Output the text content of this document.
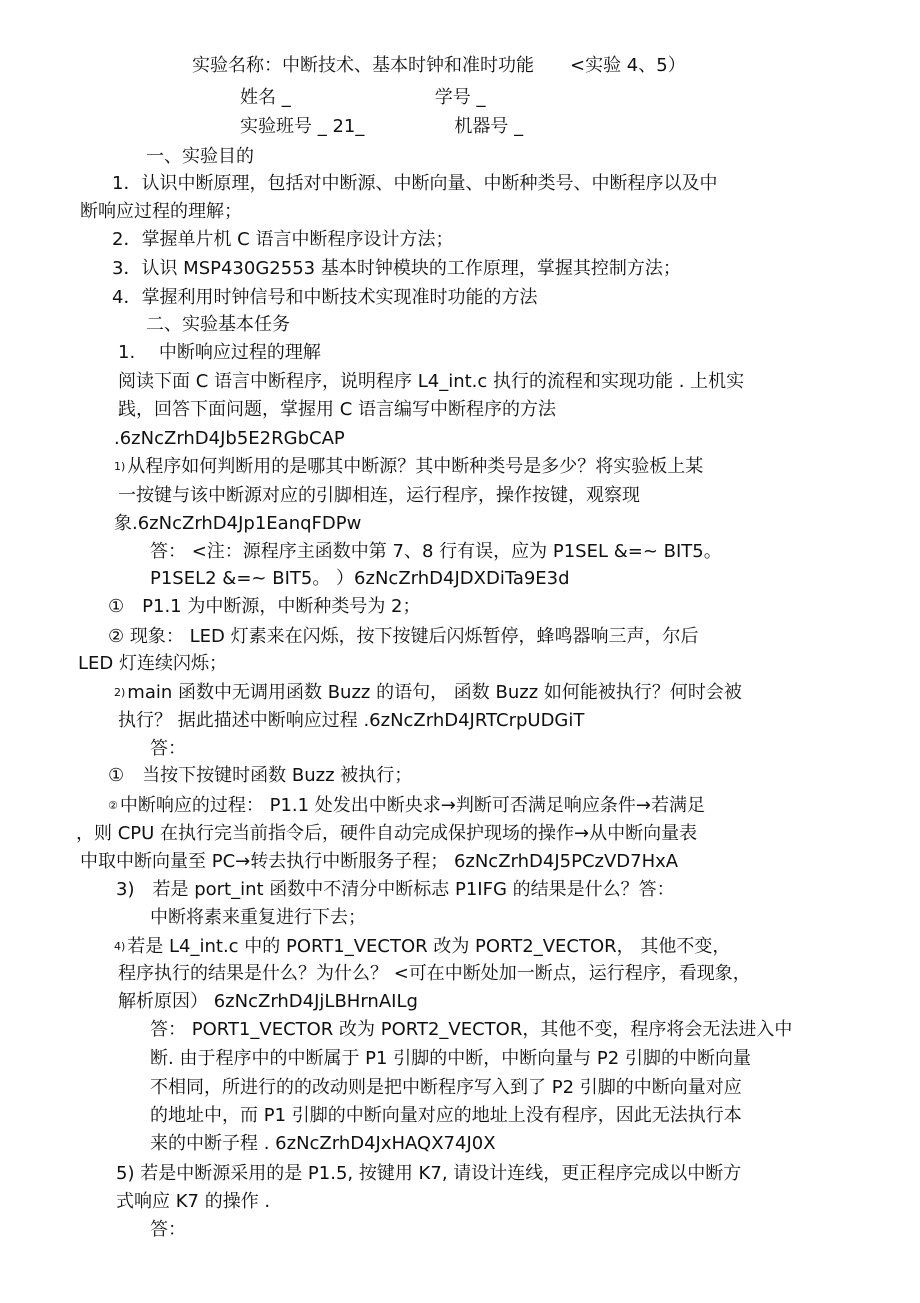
实验名称：中断技术、基本时钟和准时功能　　<实验 4、5）
姓名 _　　　　　　　　学号 _
实验班号 _ 21_　　　　　机器号 _
一、实验目的
1．认识中断原理，包括对中断源、中断向量、中断种类号、中断程序以及中
断响应过程的理解；
2．掌握单片机 C 语言中断程序设计方法；
3．认识 MSP430G2553 基本时钟模块的工作原理，掌握其控制方法；
4．掌握利用时钟信号和中断技术实现准时功能的方法
二、实验基本任务
1.　 中断响应过程的理解
阅读下面 C 语言中断程序，说明程序 L4_int.c 执行的流程和实现功能 . 上机实
践，回答下面问题，掌握用 C 语言编写中断程序的方法
.6zNcZrhD4Jb5E2RGbCAP
1) 从程序如何判断用的是哪其中断源？其中断种类号是多少？将实验板上某
一按键与该中断源对应的引脚相连，运行程序，操作按键，观察现
象.6zNcZrhD4Jp1EanqFDPw
答： <注：源程序主函数中第 7、8 行有误，应为 P1SEL &=~ BIT5。
P1SEL2 &=~ BIT5。 ）6zNcZrhD4JDXDiTa9E3d
①　P1.1 为中断源，中断种类号为 2；
② 现象： LED 灯素来在闪烁，按下按键后闪烁暂停，蜂鸣器响三声，尔后
LED 灯连续闪烁；
2) main 函数中无调用函数 Buzz 的语句， 函数 Buzz 如何能被执行？何时会被
执行？ 据此描述中断响应过程 .6zNcZrhD4JRTCrpUDGiT
答：
①　当按下按键时函数 Buzz 被执行；
② 中断响应的过程： P1.1 处发出中断央求→判断可否满足响应条件→若满足
，则 CPU 在执行完当前指令后，硬件自动完成保护现场的操作→从中断向量表
中取中断向量至 PC→转去执行中断服务子程； 6zNcZrhD4J5PCzVD7HxA
3)　若是 port_int 函数中不清分中断标志 P1IFG 的结果是什么？答：
中断将素来重复进行下去；
4) 若是 L4_int.c 中的 PORT1_VECTOR 改为 PORT2_VECTOR， 其他不变，
程序执行的结果是什么？为什么？ <可在中断处加一断点，运行程序，看现象，
解析原因） 6zNcZrhD4JjLBHrnAILg
答： PORT1_VECTOR 改为 PORT2_VECTOR，其他不变，程序将会无法进入中
断. 由于程序中的中断属于 P1 引脚的中断，中断向量与 P2 引脚的中断向量
不相同，所进行的的改动则是把中断程序写入到了 P2 引脚的中断向量对应
的地址中，而 P1 引脚的中断向量对应的地址上没有程序，因此无法执行本
来的中断子程 . 6zNcZrhD4JxHAQX74J0X
5) 若是中断源采用的是 P1.5, 按键用 K7, 请设计连线，更正程序完成以中断方
式响应 K7 的操作 .
答：
